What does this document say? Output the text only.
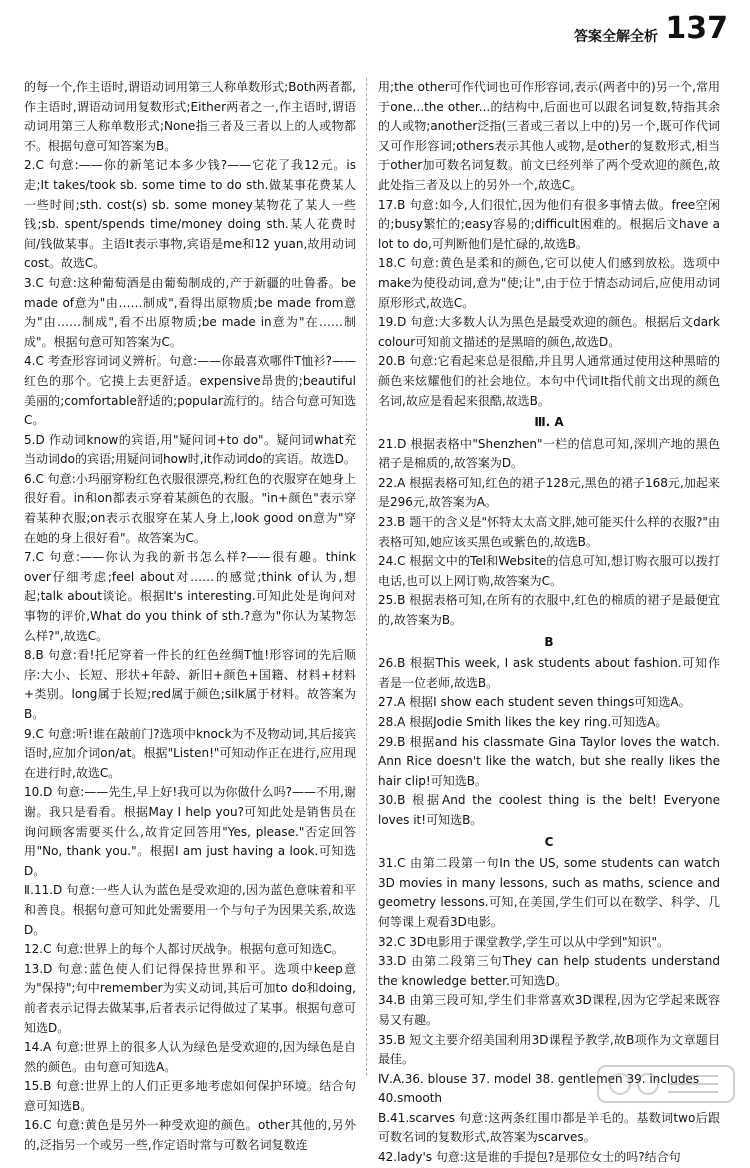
答案全解全析 137
的每一个,作主语时,谓语动词用第三人称单数形式;Both两者都,作主语时,谓语动词用复数形式;Either两者之一,作主语时,谓语动词用第三人称单数形式;None指三者及三者以上的人或物都不。根据句意可知答案为B。
2.C 句意:——你的新笔记本多少钱?——它花了我12元。is走;It takes/took sb. some time to do sth.做某事花费某人一些时间;sth. cost(s) sb. some money某物花了某人一些钱;sb. spent/spends time/money doing sth.某人花费时间/钱做某事。主语It表示事物,宾语是me和12 yuan,故用动词cost。故选C。
3.C 句意:这种葡萄酒是由葡萄制成的,产于新疆的吐鲁番。be made of意为"由……制成",看得出原物质;be made from意为"由……制成",看不出原物质;be made in意为"在……制成"。根据句意可知答案为C。
4.C 考查形容词词义辨析。句意:——你最喜欢哪件T恤衫?——红色的那个。它摸上去更舒适。expensive昂贵的;beautiful美丽的;comfortable舒适的;popular流行的。结合句意可知选C。
5.D 作动词know的宾语,用"疑问词+to do"。疑问词what充当动词do的宾语;用疑问词how时,it作动词do的宾语。故选D。
6.C 句意:小玛丽穿粉红色衣服很漂亮,粉红色的衣服穿在她身上很好看。in和on都表示穿着某颜色的衣服。"in+颜色"表示穿着某种衣服;on表示衣服穿在某人身上,look good on意为"穿在她的身上很好看"。故答案为C。
7.C 句意:——你认为我的新书怎么样?——很有趣。think over仔细考虑;feel about对……的感觉;think of认为,想起;talk about谈论。根据It's interesting.可知此处是询问对事物的评价,What do you think of sth.?意为"你认为某物怎么样?",故选C。
8.B 句意:看!托尼穿着一件长的红色丝绸T恤!形容词的先后顺序:大小、长短、形状+年龄、新旧+颜色+国籍、材料+材料+类别。long属于长短;red属于颜色;silk属于材料。故答案为B。
9.C 句意:听!谁在敲前门?选项中knock为不及物动词,其后接宾语时,应加介词on/at。根据"Listen!"可知动作正在进行,应用现在进行时,故选C。
10.D 句意:——先生,早上好!我可以为你做什么吗?——不用,谢谢。我只是看看。根据May I help you?可知此处是销售员在询问顾客需要买什么,故肯定回答用"Yes, please."否定回答用"No, thank you."。根据I am just having a look.可知选D。
Ⅱ.11.D 句意:一些人认为蓝色是受欢迎的,因为蓝色意味着和平和善良。根据句意可知此处需要用一个与句子为因果关系,故选D。
12.C 句意:世界上的每个人都讨厌战争。根据句意可知选C。
13.D 句意:蓝色使人们记得保持世界和平。选项中keep意为"保持";句中remember为实义动词,其后可加to do和doing,前者表示记得去做某事,后者表示记得做过了某事。根据句意可知选D。
14.A 句意:世界上的很多人认为绿色是受欢迎的,因为绿色是自然的颜色。由句意可知选A。
15.B 句意:世界上的人们正更多地考虑如何保护环境。结合句意可知选B。
16.C 句意:黄色是另外一种受欢迎的颜色。other其他的,另外的,泛指另一个或另一些,作定语时常与可数名词复数连
用;the other可作代词也可作形容词,表示(两者中的)另一个,常用于one...the other...的结构中,后面也可以跟名词复数,特指其余的人或物;another泛指(三者或三者以上中的)另一个,既可作代词又可作形容词;others表示其他人或物,是other的复数形式,相当于other加可数名词复数。前文已经列举了两个受欢迎的颜色,故此处指三者及以上的另外一个,故选C。
17.B 句意:如今,人们很忙,因为他们有很多事情去做。free空闲的;busy繁忙的;easy容易的;difficult困难的。根据后文have a lot to do,可判断他们是忙碌的,故选B。
18.C 句意:黄色是柔和的颜色,它可以使人们感到放松。选项中make为使役动词,意为"使;让",由于位于情态动词后,应使用动词原形形式,故选C。
19.D 句意:大多数人认为黑色是最受欢迎的颜色。根据后文dark colour可知前文描述的是黑暗的颜色,故选D。
20.B 句意:它看起来总是很酷,并且男人通常通过使用这种黑暗的颜色来炫耀他们的社会地位。本句中代词It指代前文出现的颜色名词,故应是看起来很酷,故选B。
Ⅲ. A
21.D 根据表格中"Shenzhen"一栏的信息可知,深圳产地的黑色裙子是棉质的,故答案为D。
22.A 根据表格可知,红色的裙子128元,黑色的裙子168元,加起来是296元,故答案为A。
23.B 题干的含义是"怀特太太高文胖,她可能买什么样的衣服?"由表格可知,她应该买黑色或紫色的,故选B。
24.C 根据文中的Tel和Website的信息可知,想订购衣服可以拨打电话,也可以上网订购,故答案为C。
25.B 根据表格可知,在所有的衣服中,红色的棉质的裙子是最便宜的,故答案为B。
B
26.B 根据This week, I ask students about fashion.可知作者是一位老师,故选B。
27.A 根据I show each student seven things可知选A。
28.A 根据Jodie Smith likes the key ring.可知选A。
29.B 根据and his classmate Gina Taylor loves the watch. Ann Rice doesn't like the watch, but she really likes the hair clip!可知选B。
30.B 根据And the coolest thing is the belt! Everyone loves it!可知选B。
C
31.C 由第二段第一句In the US, some students can watch 3D movies in many lessons, such as maths, science and geometry lessons.可知,在美国,学生们可以在数学、科学、几何等课上观看3D电影。
32.C 3D电影用于课堂教学,学生可以从中学到"知识"。
33.D 由第二段第三句They can help students understand the knowledge better.可知选D。
34.B 由第三段可知,学生们非常喜欢3D课程,因为它学起来既容易又有趣。
35.B 短文主要介绍美国利用3D课程予教学,故B项作为文章题目最佳。
Ⅳ.A.36. blouse 37. model 38. gentlemen 39. includes
40.smooth
B.41.scarves 句意:这两条红围巾都是羊毛的。基数词two后跟可数名词的复数形式,故答案为scarves。
42.lady's 句意:这是谁的手提包?是那位女士的吗?结合句
